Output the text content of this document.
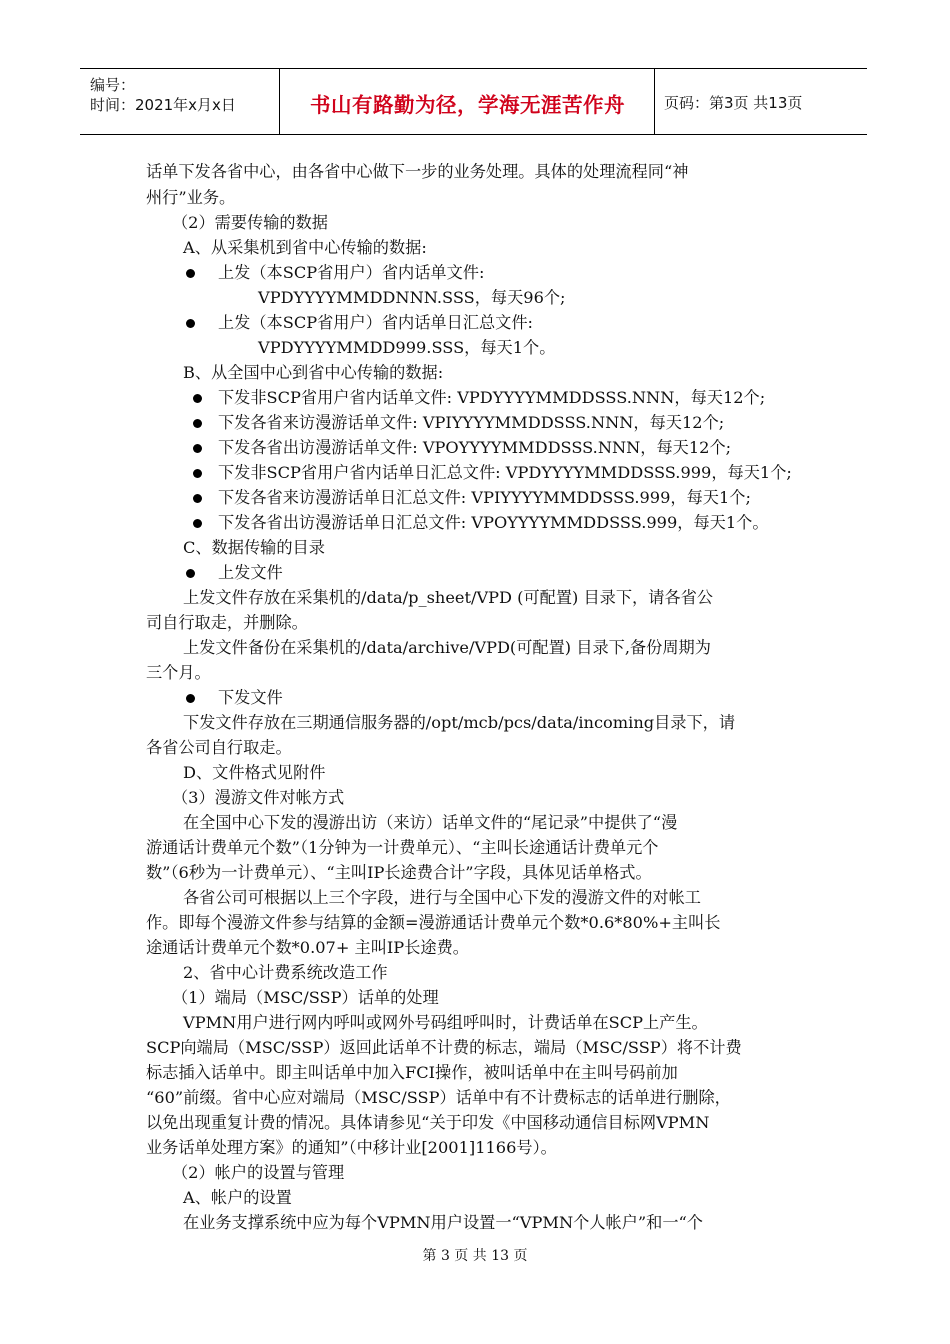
编号：
时间：2021年x月x日	书山有路勤为径，学海无涯苦作舟	页码：第3页 共13页
话单下发各省中心，由各省中心做下一步的业务处理。具体的处理流程同“神
州行”业务。
（2）需要传输的数据
A、从采集机到省中心传输的数据:
上发（本SCP省用户）省内话单文件:
VPDYYYYMMDDNNN.SSS，每天96个;
上发（本SCP省用户）省内话单日汇总文件:
VPDYYYYMMDD999.SSS，每天1个。
B、从全国中心到省中心传输的数据:
下发非SCP省用户省内话单文件: VPDYYYYMMDDSSS.NNN，每天12个;
下发各省来访漫游话单文件: VPIYYYYMMDDSSS.NNN，每天12个;
下发各省出访漫游话单文件: VPOYYYYMMDDSSS.NNN，每天12个;
下发非SCP省用户省内话单日汇总文件: VPDYYYYMMDDSSS.999，每天1个;
下发各省来访漫游话单日汇总文件: VPIYYYYMMDDSSS.999，每天1个;
下发各省出访漫游话单日汇总文件: VPOYYYYMMDDSSS.999，每天1个。
C、数据传输的目录
上发文件
上发文件存放在采集机的/data/p_sheet/VPD (可配置) 目录下，请各省公
司自行取走，并删除。
上发文件备份在采集机的/data/archive/VPD(可配置) 目录下,备份周期为
三个月。
下发文件
下发文件存放在三期通信服务器的/opt/mcb/pcs/data/incoming目录下，请
各省公司自行取走。
D、文件格式见附件
（3）漫游文件对帐方式
在全国中心下发的漫游出访（来访）话单文件的“尾记录”中提供了“漫
游通话计费单元个数”（1分钟为一计费单元）、“主叫长途通话计费单元个
数”（6秒为一计费单元）、“主叫IP长途费合计”字段，具体见话单格式。
各省公司可根据以上三个字段，进行与全国中心下发的漫游文件的对帐工
作。即每个漫游文件参与结算的金额=漫游通话计费单元个数*0.6*80%+主叫长
途通话计费单元个数*0.07+ 主叫IP长途费。
2、省中心计费系统改造工作
（1）端局（MSC/SSP）话单的处理
VPMN用户进行网内呼叫或网外号码组呼叫时，计费话单在SCP上产生。
SCP向端局（MSC/SSP）返回此话单不计费的标志，端局（MSC/SSP）将不计费
标志插入话单中。即主叫话单中加入FCI操作，被叫话单中在主叫号码前加
“60”前缀。省中心应对端局（MSC/SSP）话单中有不计费标志的话单进行删除，
以免出现重复计费的情况。具体请参见“关于印发《中国移动通信目标网VPMN
业务话单处理方案》的通知”（中移计业[2001]1166号）。
（2）帐户的设置与管理
A、帐户的设置
在业务支撑系统中应为每个VPMN用户设置一“VPMN个人帐户”和一“个
第 3 页 共 13 页
